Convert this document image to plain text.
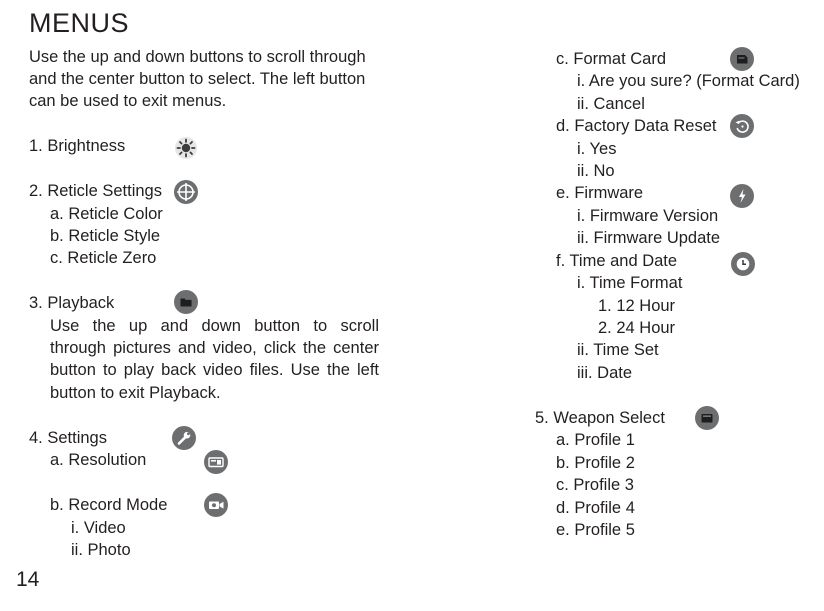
MENUS
Use the up and down buttons to scroll through
and the center button to select. The left button
can be used to exit menus.
1. Brightness
2. Reticle Settings
a. Reticle Color
b. Reticle Style
c. Reticle Zero
3. Playback
Use the up and down button to scroll
through pictures and video, click the center
button to play back video files. Use the left
button to exit Playback.
4. Settings
a. Resolution
b. Record Mode
i. Video
ii. Photo
c. Format Card
i. Are you sure? (Format Card)
ii. Cancel
d. Factory Data Reset
i. Yes
ii. No
e. Firmware
i. Firmware Version
ii. Firmware Update
f. Time and Date
i. Time Format
1. 12 Hour
2. 24 Hour
ii. Time Set
iii. Date
5. Weapon Select
a. Profile 1
b. Profile 2
c. Profile 3
d. Profile 4
e. Profile 5
14
